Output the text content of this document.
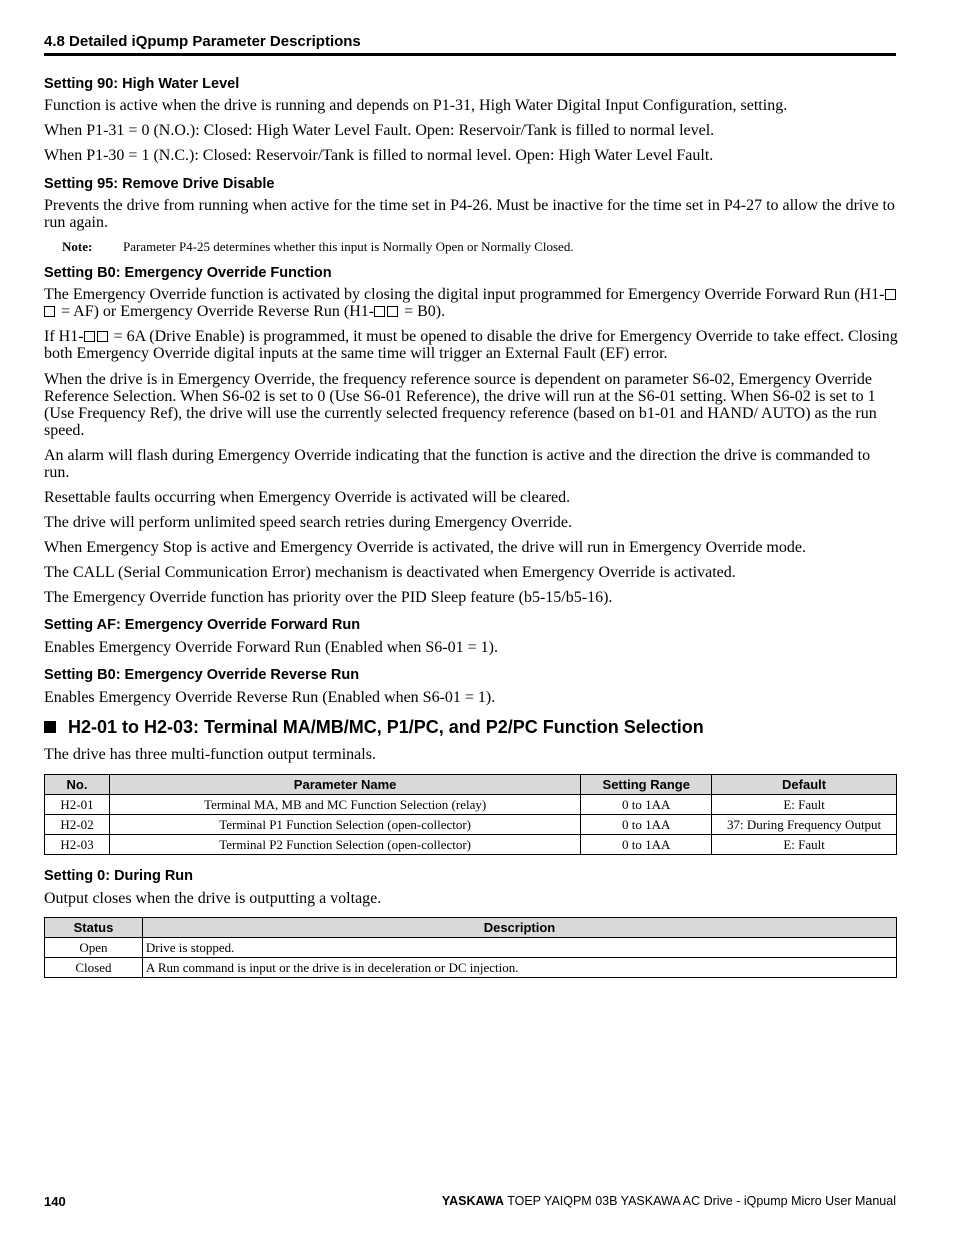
4.8 Detailed iQpump Parameter Descriptions
Setting 90: High Water Level
Function is active when the drive is running and depends on P1-31, High Water Digital Input Configuration, setting.
When P1-31 = 0 (N.O.): Closed: High Water Level Fault. Open: Reservoir/Tank is filled to normal level.
When P1-30 = 1 (N.C.): Closed: Reservoir/Tank is filled to normal level. Open: High Water Level Fault.
Setting 95: Remove Drive Disable
Prevents the drive from running when active for the time set in P4-26. Must be inactive for the time set in P4-27 to allow the drive to run again.
Note: Parameter P4-25 determines whether this input is Normally Open or Normally Closed.
Setting B0: Emergency Override Function
The Emergency Override function is activated by closing the digital input programmed for Emergency Override Forward Run (H1- = AF) or Emergency Override Reverse Run (H1- = B0).
If H1- = 6A (Drive Enable) is programmed, it must be opened to disable the drive for Emergency Override to take effect. Closing both Emergency Override digital inputs at the same time will trigger an External Fault (EF) error.
When the drive is in Emergency Override, the frequency reference source is dependent on parameter S6-02, Emergency Override Reference Selection. When S6-02 is set to 0 (Use S6-01 Reference), the drive will run at the S6-01 setting. When S6-02 is set to 1 (Use Frequency Ref), the drive will use the currently selected frequency reference (based on b1-01 and HAND/ AUTO) as the run speed.
An alarm will flash during Emergency Override indicating that the function is active and the direction the drive is commanded to run.
Resettable faults occurring when Emergency Override is activated will be cleared.
The drive will perform unlimited speed search retries during Emergency Override.
When Emergency Stop is active and Emergency Override is activated, the drive will run in Emergency Override mode.
The CALL (Serial Communication Error) mechanism is deactivated when Emergency Override is activated.
The Emergency Override function has priority over the PID Sleep feature (b5-15/b5-16).
Setting AF: Emergency Override Forward Run
Enables Emergency Override Forward Run (Enabled when S6-01 = 1).
Setting B0: Emergency Override Reverse Run
Enables Emergency Override Reverse Run (Enabled when S6-01 = 1).
H2-01 to H2-03: Terminal MA/MB/MC, P1/PC, and P2/PC Function Selection
The drive has three multi-function output terminals.
No.	Parameter Name	Setting Range	Default
H2-01	Terminal MA, MB and MC Function Selection (relay)	0 to 1AA	E: Fault
H2-02	Terminal P1 Function Selection (open-collector)	0 to 1AA	37: During Frequency Output
H2-03	Terminal P2 Function Selection (open-collector)	0 to 1AA	E: Fault
Setting 0: During Run
Output closes when the drive is outputting a voltage.
Status	Description
Open	Drive is stopped.
Closed	A Run command is input or the drive is in deceleration or DC injection.
140	YASKAWA TOEP YAIQPM 03B YASKAWA AC Drive - iQpump Micro User Manual
